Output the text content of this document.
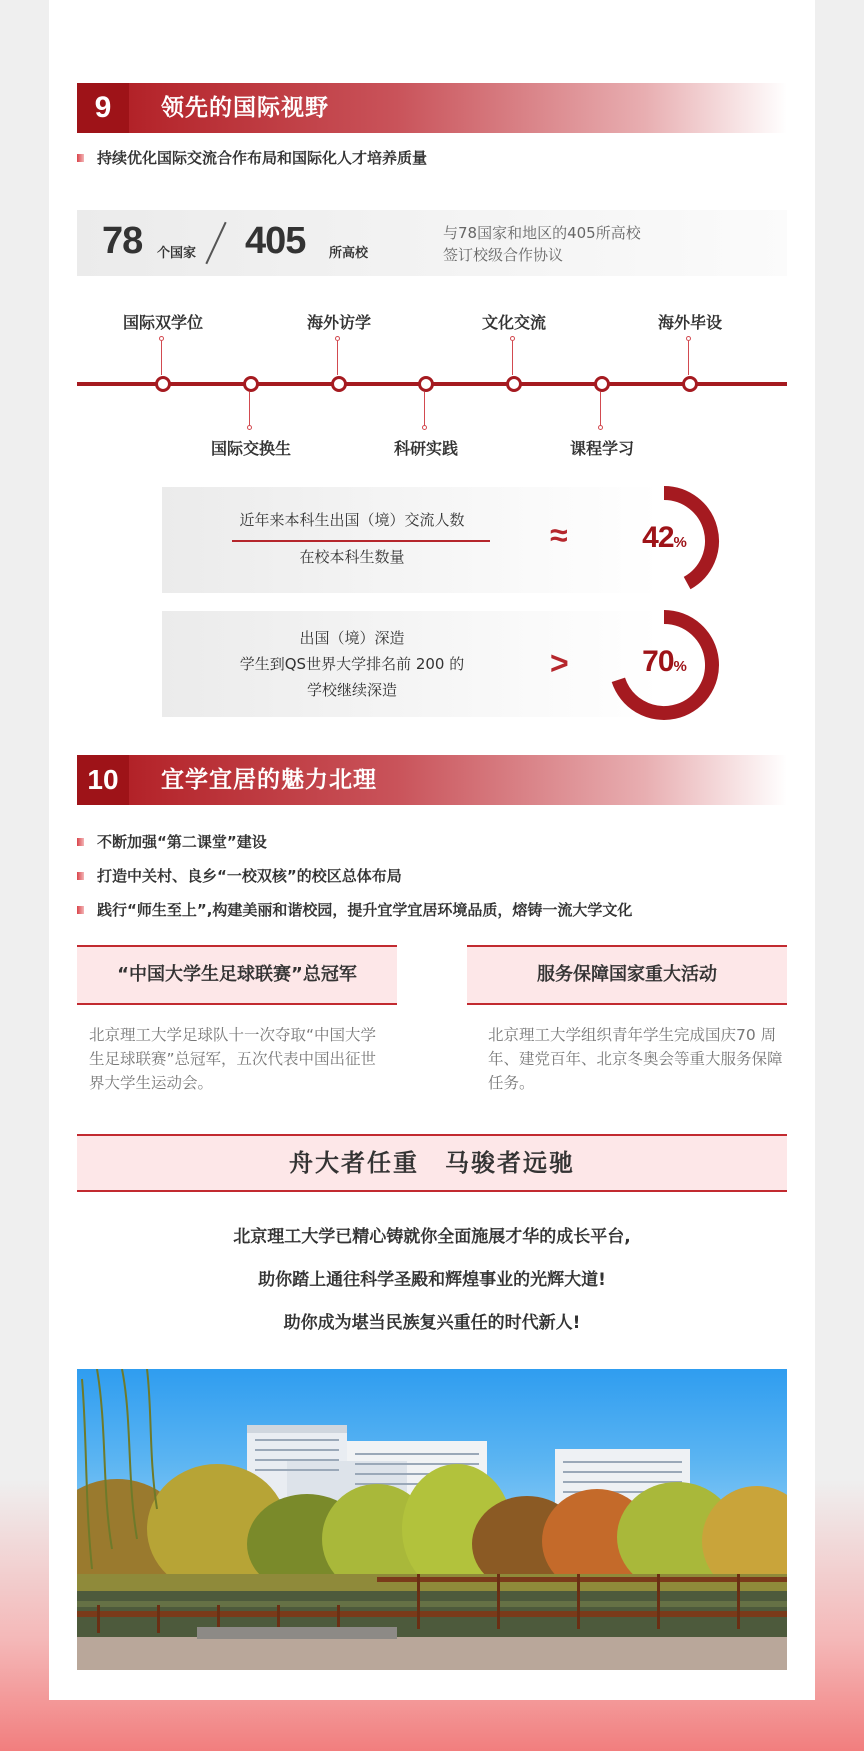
9	领先的国际视野
持续优化国际交流合作布局和国际化人才培养质量
78 个国家 405 所高校
与78国家和地区的405所高校
签订校级合作协议
国际双学位	海外访学	文化交流	海外毕设
国际交换生	科研实践	课程学习
近年来本科生出国（境）交流人数
在校本科生数量
≈	42%
出国（境）深造
学生到QS世界大学排名前 200 的
学校继续深造
>	70%
10	宜学宜居的魅力北理
不断加强“第二课堂”建设
打造中关村、良乡“一校双核”的校区总体布局
践行“师生至上”,构建美丽和谐校园，提升宜学宜居环境品质，熔铸一流大学文化
“中国大学生足球联赛”总冠军
北京理工大学足球队十一次夺取“中国大学生足球联赛”总冠军，五次代表中国出征世界大学生运动会。
服务保障国家重大活动
北京理工大学组织青年学生完成国庆70 周年、建党百年、北京冬奥会等重大服务保障任务。
舟大者任重　马骏者远驰
北京理工大学已精心铸就你全面施展才华的成长平台,
助你踏上通往科学圣殿和辉煌事业的光辉大道!
助你成为堪当民族复兴重任的时代新人!
